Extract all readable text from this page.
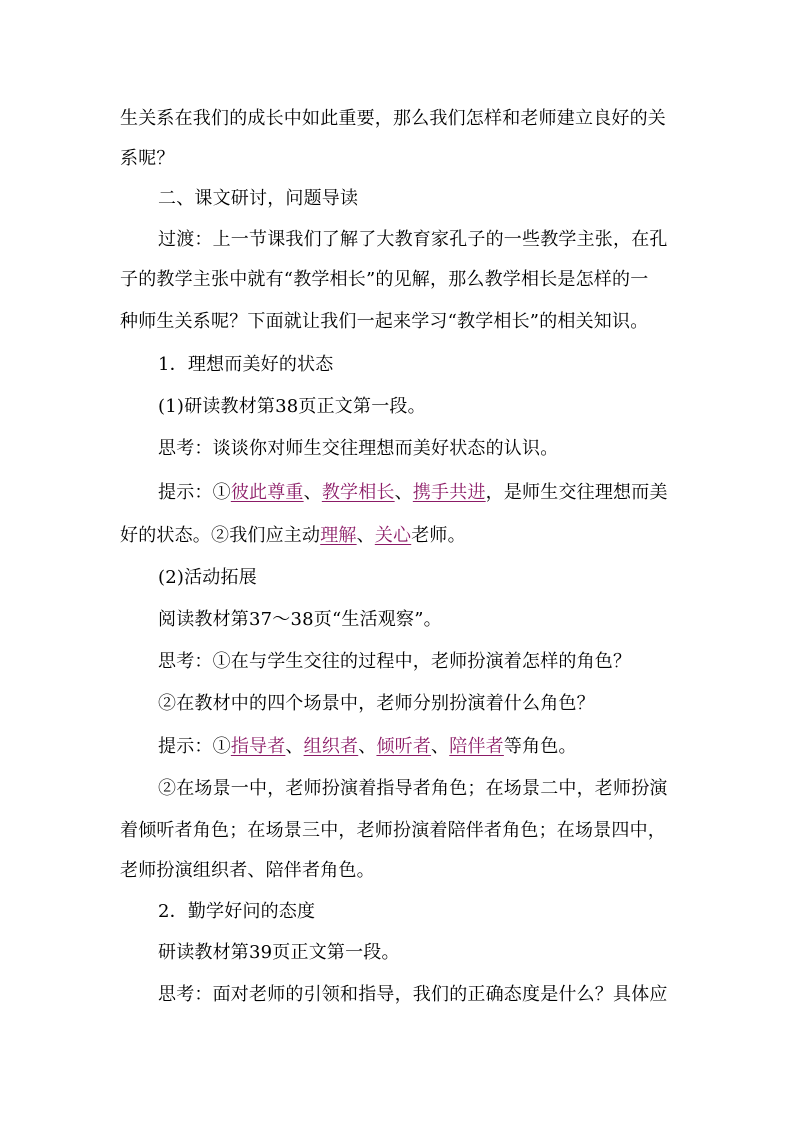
生关系在我们的成长中如此重要，那么我们怎样和老师建立良好的关
系呢？
二、课文研讨，问题导读
过渡：上一节课我们了解了大教育家孔子的一些教学主张，在孔
子的教学主张中就有“教学相长”的见解，那么教学相长是怎样的一
种师生关系呢？下面就让我们一起来学习“教学相长”的相关知识。
1．理想而美好的状态
(1)研读教材第38页正文第一段。
思考：谈谈你对师生交往理想而美好状态的认识。
提示：①彼此尊重、教学相长、携手共进，是师生交往理想而美
好的状态。②我们应主动理解、关心老师。
(2)活动拓展
阅读教材第37～38页“生活观察”。
思考：①在与学生交往的过程中，老师扮演着怎样的角色？
②在教材中的四个场景中，老师分别扮演着什么角色？
提示：①指导者、组织者、倾听者、陪伴者等角色。
②在场景一中，老师扮演着指导者角色；在场景二中，老师扮演
着倾听者角色；在场景三中，老师扮演着陪伴者角色；在场景四中，
老师扮演组织者、陪伴者角色。
2．勤学好问的态度
研读教材第39页正文第一段。
思考：面对老师的引领和指导，我们的正确态度是什么？具体应
